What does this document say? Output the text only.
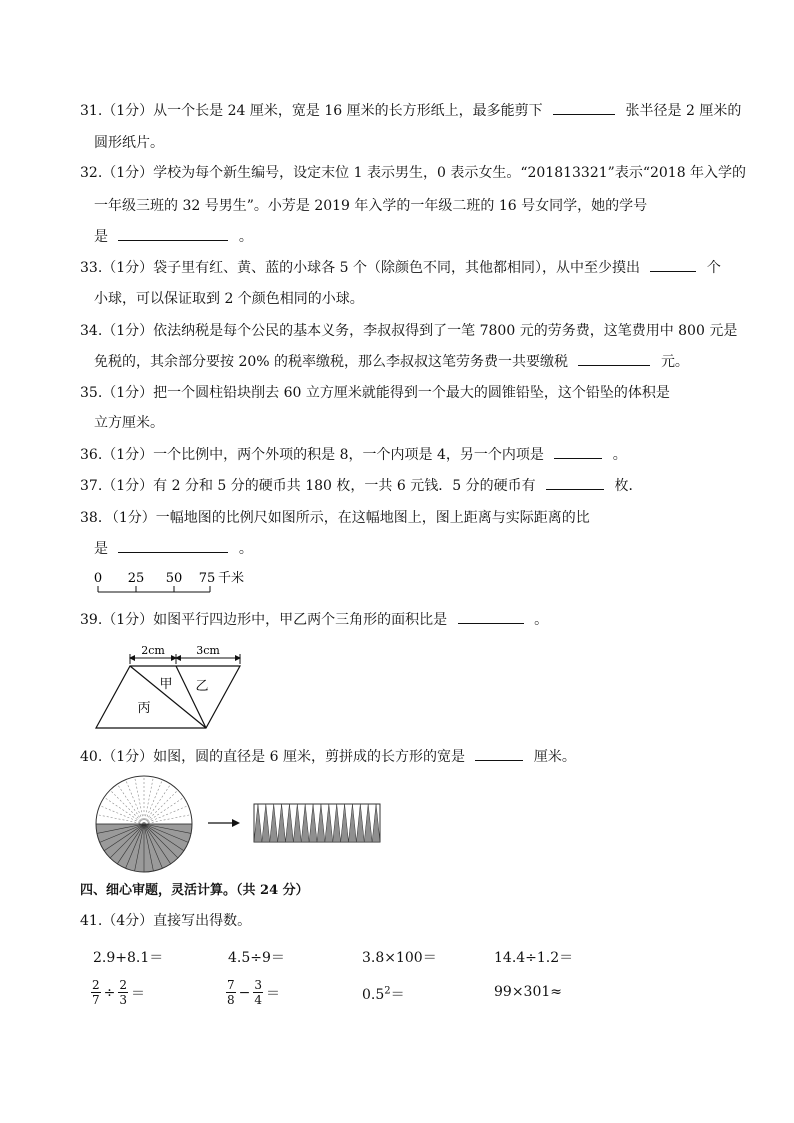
31.（1分）从一个长是 24 厘米，宽是 16 厘米的长方形纸上，最多能剪下	张半径是 2 厘米的
圆形纸片。
32.（1分）学校为每个新生编号，设定末位 1 表示男生，0 表示女生。“201813321”表示“2018 年入学的
一年级三班的 32 号男生”。小芳是 2019 年入学的一年级二班的 16 号女同学，她的学号
是	。
33.（1分）袋子里有红、黄、蓝的小球各 5 个（除颜色不同，其他都相同），从中至少摸出	个
小球，可以保证取到 2 个颜色相同的小球。
34.（1分）依法纳税是每个公民的基本义务，李叔叔得到了一笔 7800 元的劳务费，这笔费用中 800 元是
免税的，其余部分要按 20% 的税率缴税，那么李叔叔这笔劳务费一共要缴税	元。
35.（1分）把一个圆柱铅块削去 60 立方厘米就能得到一个最大的圆锥铅坠，这个铅坠的体积是
立方厘米。
36.（1分）一个比例中，两个外项的积是 8，一个内项是 4，另一个内项是	。
37.（1分）有 2 分和 5 分的硬币共 180 枚，一共 6 元钱．5 分的硬币有	枚．
38．（1分）一幅地图的比例尺如图所示，在这幅地图上，图上距离与实际距离的比
是	。
0 25 50 75 千米
39.（1分）如图平行四边形中，甲乙两个三角形的面积比是	。
2cm	3cm
甲 乙
丙
40.（1分）如图，圆的直径是 6 厘米，剪拼成的长方形的宽是	厘米。
四、细心审题，灵活计算。（共 24 分）
41.（4分）直接写出得数。
2.9+8.1＝	4.5÷9＝	3.8×100＝	14.4÷1.2＝
$\frac{2}{7} \div \frac{2}{3}$ ＝	$\frac{7}{8} - \frac{3}{4}$ ＝	$0.5^2=$	99×301≈
